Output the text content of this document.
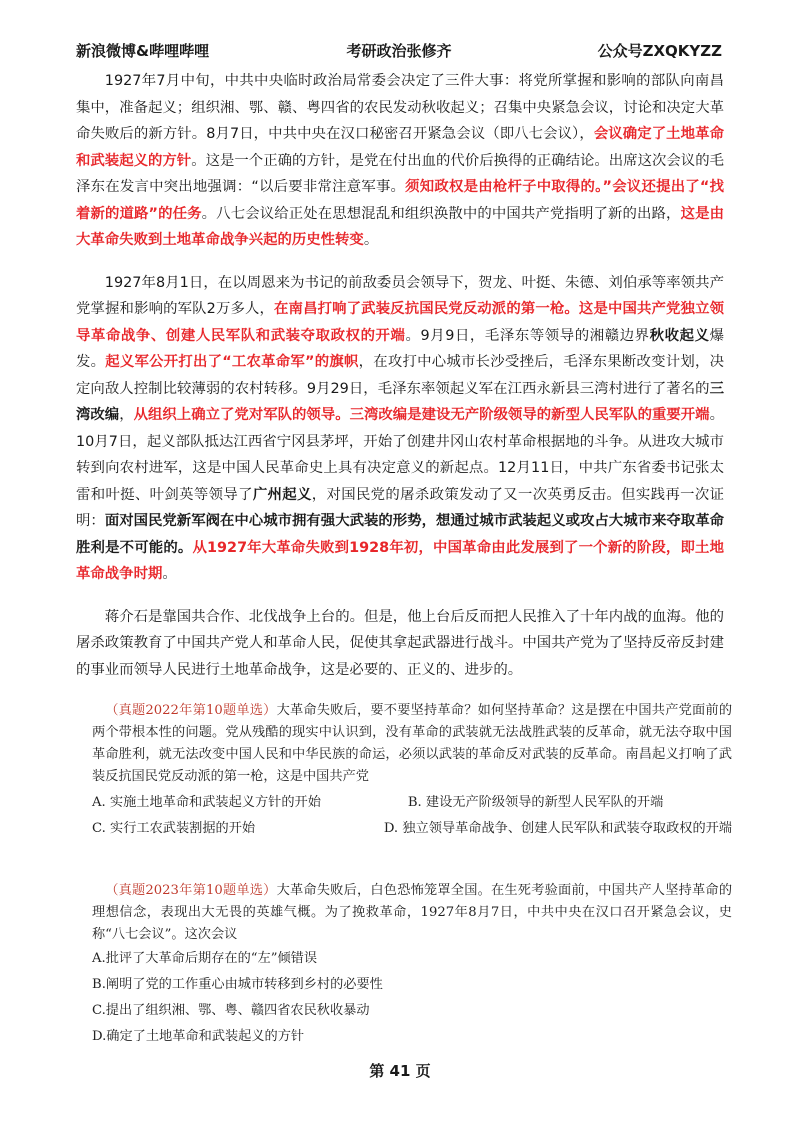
新浪微博&哔哩哔哩	考研政治张修齐	公众号ZXQKYZZ

1927年7月中旬，中共中央临时政治局常委会决定了三件大事：将党所掌握和影响的部队向南昌集中，准备起义；组织湘、鄂、赣、粤四省的农民发动秋收起义；召集中央紧急会议，讨论和决定大革命失败后的新方针。8月7日，中共中央在汉口秘密召开紧急会议（即八七会议），会议确定了土地革命和武装起义的方针。这是一个正确的方针，是党在付出血的代价后换得的正确结论。出席这次会议的毛泽东在发言中突出地强调：“以后要非常注意军事。须知政权是由枪杆子中取得的。”会议还提出了“找着新的道路”的任务。八七会议给正处在思想混乱和组织涣散中的中国共产党指明了新的出路，这是由大革命失败到土地革命战争兴起的历史性转变。

1927年8月1日，在以周恩来为书记的前敌委员会领导下，贺龙、叶挺、朱德、刘伯承等率领共产党掌握和影响的军队2万多人，在南昌打响了武装反抗国民党反动派的第一枪。这是中国共产党独立领导革命战争、创建人民军队和武装夺取政权的开端。9月9日，毛泽东等领导的湘赣边界秋收起义爆发。起义军公开打出了“工农革命军”的旗帜，在攻打中心城市长沙受挫后，毛泽东果断改变计划，决定向敌人控制比较薄弱的农村转移。9月29日，毛泽东率领起义军在江西永新县三湾村进行了著名的三湾改编，从组织上确立了党对军队的领导。三湾改编是建设无产阶级领导的新型人民军队的重要开端。10月7日，起义部队抵达江西省宁冈县茅坪，开始了创建井冈山农村革命根据地的斗争。从进攻大城市转到向农村进军，这是中国人民革命史上具有决定意义的新起点。12月11日，中共广东省委书记张太雷和叶挺、叶剑英等领导了广州起义，对国民党的屠杀政策发动了又一次英勇反击。但实践再一次证明：面对国民党新军阀在中心城市拥有强大武装的形势，想通过城市武装起义或攻占大城市来夺取革命胜利是不可能的。从1927年大革命失败到1928年初，中国革命由此发展到了一个新的阶段，即土地革命战争时期。

蒋介石是靠国共合作、北伐战争上台的。但是，他上台后反而把人民推入了十年内战的血海。他的屠杀政策教育了中国共产党人和革命人民，促使其拿起武器进行战斗。中国共产党为了坚持反帝反封建的事业而领导人民进行土地革命战争，这是必要的、正义的、进步的。

（真题2022年第10题单选）大革命失败后，要不要坚持革命？如何坚持革命？这是摆在中国共产党面前的两个带根本性的问题。党从残酷的现实中认识到，没有革命的武装就无法战胜武装的反革命，就无法夺取中国革命胜利，就无法改变中国人民和中华民族的命运，必须以武装的革命反对武装的反革命。南昌起义打响了武装反抗国民党反动派的第一枪，这是中国共产党

A. 实施土地革命和武装起义方针的开始	B. 建设无产阶级领导的新型人民军队的开端

C. 实行工农武装割据的开始	D. 独立领导革命战争、创建人民军队和武装夺取政权的开端

（真题2023年第10题单选）大革命失败后，白色恐怖笼罩全国。在生死考验面前，中国共产人坚持革命的理想信念，表现出大无畏的英雄气概。为了挽救革命，1927年8月7日，中共中央在汉口召开紧急会议，史称“八七会议”。这次会议

A.批评了大革命后期存在的“左”倾错误

B.阐明了党的工作重心由城市转移到乡村的必要性

C.提出了组织湘、鄂、粤、赣四省农民秋收暴动

D.确定了土地革命和武装起义的方针

第 41 页
